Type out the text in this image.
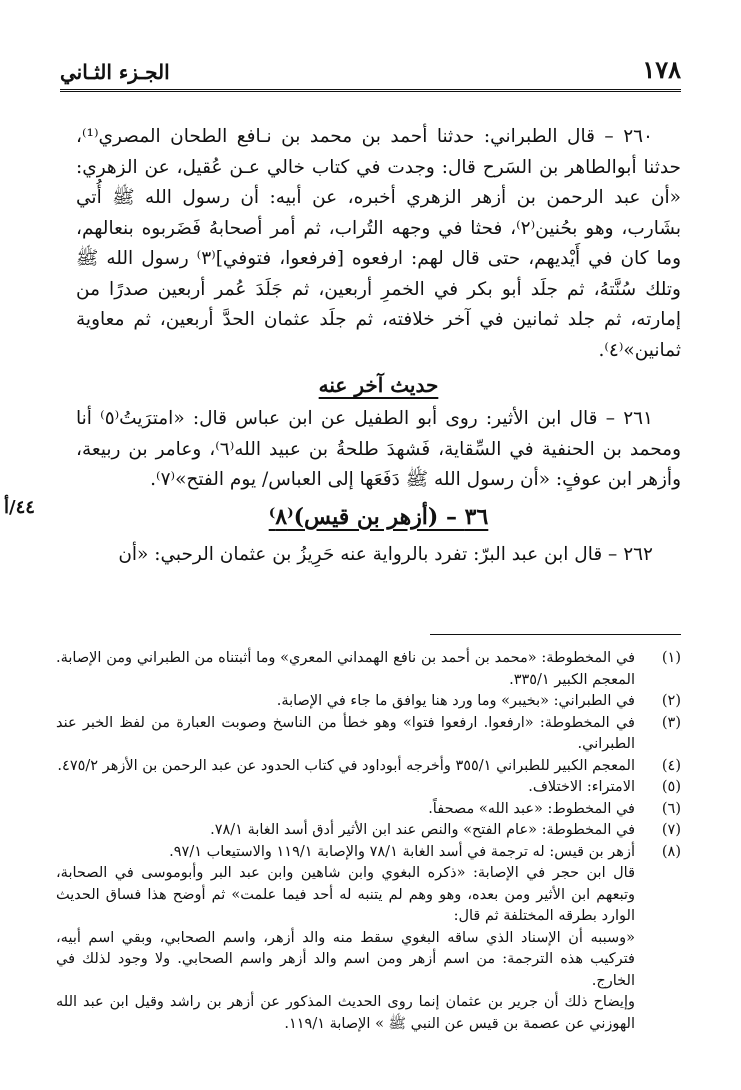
الجـزء الثـاني	١٧٨

٢٦٠ – قال الطبراني: حدثنا أحمد بن محمد بن نـافع الطحان المصري⁽¹⁾، حدثنا أبوالطاهر بن السَرح قال: وجدت في كتاب خالي عـن عُقيل، عن الزهري: «أن عبد الرحمن بن أزهر الزهري أخبره، عن أبيه: أن رسول الله ﷺ أُتي بشَارب، وهو بحُنين⁽٢⁾، فحثا في وجهه التُراب، ثم أمر أصحابهُ فَضَربوه بنعالهم، وما كان في أَيْديهم، حتى قال لهم: ارفعوه [فرفعوا، فتوفي]⁽٣⁾ رسول الله ﷺ وتلك سُنَّتهُ، ثم جلَد أبو بكر في الخمرِ أربعين، ثم جَلَدَ عُمر أربعين صدرًا من إمارته، ثم جلد ثمانين في آخر خلافته، ثم جلَد عثمان الحدَّ أربعين، ثم معاوية ثمانين»⁽٤⁾.

حديث آخر عنه

٢٦١ – قال ابن الأثير: روى أبو الطفيل عن ابن عباس قال: «امترَيتُ⁽٥⁾ أنا ومحمد بن الحنفية في السِّقاية، فَشهدَ طلحةُ بن عبيد الله⁽٦⁾، وعامر بن ربيعة، وأزهر ابن عوفٍ: «أن رسول الله ﷺ دَفَعَها إلى العباس/ يوم الفتح»⁽٧⁾.

٣٦ – (أزهر بن قيس)⁽٨⁾

٢٦٢ – قال ابن عبد البرّ: تفرد بالرواية عنه حَرِيزُ بن عثمان الرحبي: «أن

٤٤/أ
(١)
في المخطوطة: «محمد بن أحمد بن نافع الهمداني المعري» وما أثبتناه من الطبراني ومن الإصابة. المعجم الكبير ٣٣٥/١.
(٢)
في الطبراني: «بخيبر» وما ورد هنا يوافق ما جاء في الإصابة.
(٣)
في المخطوطة: «ارفعوا. ارفعوا فتوا» وهو خطأ من الناسخ وصوبت العبارة من لفظ الخبر عند الطبراني.
(٤)
المعجم الكبير للطبراني ٣٥٥/١ وأخرجه أبوداود في كتاب الحدود عن عبد الرحمن بن الأزهر ٤٧٥/٢.
(٥)
الامتراء: الاختلاف.
(٦)
في المخطوط: «عبد الله» مصحفاً.
(٧)
في المخطوطة: «عام الفتح» والنص عند ابن الأثير أدق أسد الغابة ٧٨/١.
(٨)
أزهر بن قيس: له ترجمة في أسد الغابة ٧٨/١ والإصابة ١١٩/١ والاستيعاب ٩٧/١.
قال ابن حجر في الإصابة: «ذكره البغوي وابن شاهين وابن عبد البر وأبوموسى في الصحابة، وتبعهم ابن الأثير ومن بعده، وهو وهم لم يتنبه له أحد فيما علمت» ثم أوضح هذا فساق الحديث الوارد بطرقه المختلفة ثم قال:
«وسببه أن الإسناد الذي ساقه البغوي سقط منه والد أزهر، واسم الصحابي، وبقي اسم أبيه، فتركيب هذه الترجمة: من اسم أزهر ومن اسم والد أزهر واسم الصحابي. ولا وجود لذلك في الخارج.
وإيضاح ذلك أن جرير بن عثمان إنما روى الحديث المذكور عن أزهر بن راشد وقيل ابن عبد الله الهوزني عن عصمة بن قيس عن النبي ﷺ » الإصابة ١١٩/١.
